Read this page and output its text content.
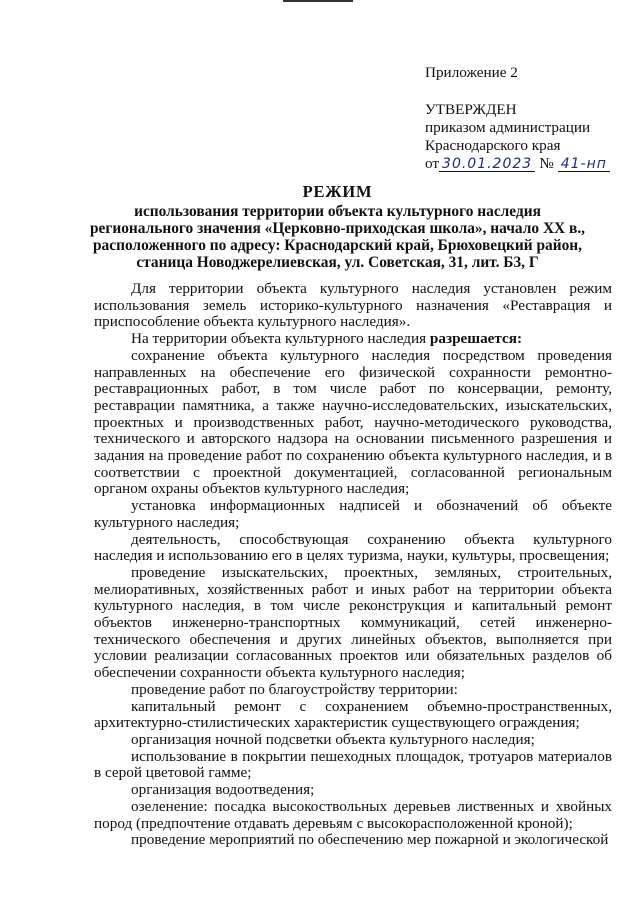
Приложение 2
УТВЕРЖДЕН
приказом администрации
Краснодарского края
от 30.01.2023 № 41-нп
РЕЖИМ
использования территории объекта культурного наследия
регионального значения «Церковно-приходская школа», начало XX в.,
расположенного по адресу: Краснодарский край, Брюховецкий район,
станица Новоджерелиевская, ул. Советская, 31, лит. Б3, Г

Для территории объекта культурного наследия установлен режим использования земель историко-культурного назначения «Реставрация и приспособление объекта культурного наследия».

На территории объекта культурного наследия разрешается:

сохранение объекта культурного наследия посредством проведения направленных на обеспечение его физической сохранности ремонтно-реставрационных работ, в том числе работ по консервации, ремонту, реставрации памятника, а также научно-исследовательских, изыскательских, проектных и производственных работ, научно-методического руководства, технического и авторского надзора на основании письменного разрешения и задания на проведение работ по сохранению объекта культурного наследия, и в соответствии с проектной документацией, согласованной региональным органом охраны объектов культурного наследия;

установка информационных надписей и обозначений об объекте культурного наследия;

деятельность, способствующая сохранению объекта культурного наследия и использованию его в целях туризма, науки, культуры, просвещения;

проведение изыскательских, проектных, земляных, строительных, мелиоративных, хозяйственных работ и иных работ на территории объекта культурного наследия, в том числе реконструкция и капитальный ремонт объектов инженерно-транспортных коммуникаций, сетей инженерно-технического обеспечения и других линейных объектов, выполняется при условии реализации согласованных проектов или обязательных разделов об обеспечении сохранности объекта культурного наследия;

проведение работ по благоустройству территории:

капитальный ремонт с сохранением объемно-пространственных, архитектурно-стилистических характеристик существующего ограждения;

организация ночной подсветки объекта культурного наследия;

использование в покрытии пешеходных площадок, тротуаров материалов в серой цветовой гамме;

организация водоотведения;

озеленение: посадка высокоствольных деревьев лиственных и хвойных пород (предпочтение отдавать деревьям с высокорасположенной кроной);

проведение мероприятий по обеспечению мер пожарной и экологической
